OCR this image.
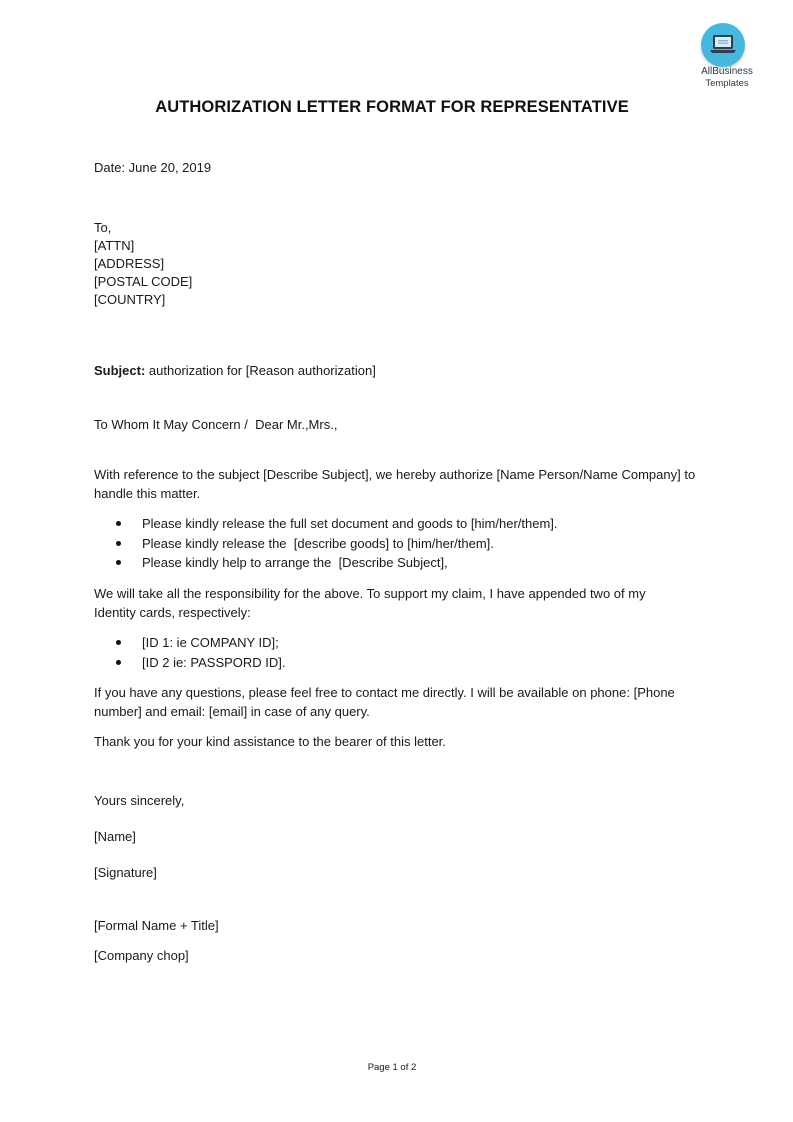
AllBusiness
Templates
AUTHORIZATION LETTER FORMAT FOR REPRESENTATIVE
Date: June 20, 2019
To,
[ATTN]
[ADDRESS]
[POSTAL CODE]
[COUNTRY]
Subject: authorization for [Reason authorization]
To Whom It May Concern /  Dear Mr.,Mrs.,
With reference to the subject [Describe Subject], we hereby authorize [Name Person/Name Company] to handle this matter.
Please kindly release the full set document and goods to [him/her/them].
Please kindly release the  [describe goods] to [him/her/them].
Please kindly help to arrange the  [Describe Subject],
We will take all the responsibility for the above. To support my claim, I have appended two of my Identity cards, respectively:
[ID 1: ie COMPANY ID];
[ID 2 ie: PASSPORD ID].
If you have any questions, please feel free to contact me directly. I will be available on phone: [Phone number] and email: [email] in case of any query.
Thank you for your kind assistance to the bearer of this letter.
Yours sincerely,
[Name]
[Signature]
[Formal Name + Title]
[Company chop]
Page 1 of 2
